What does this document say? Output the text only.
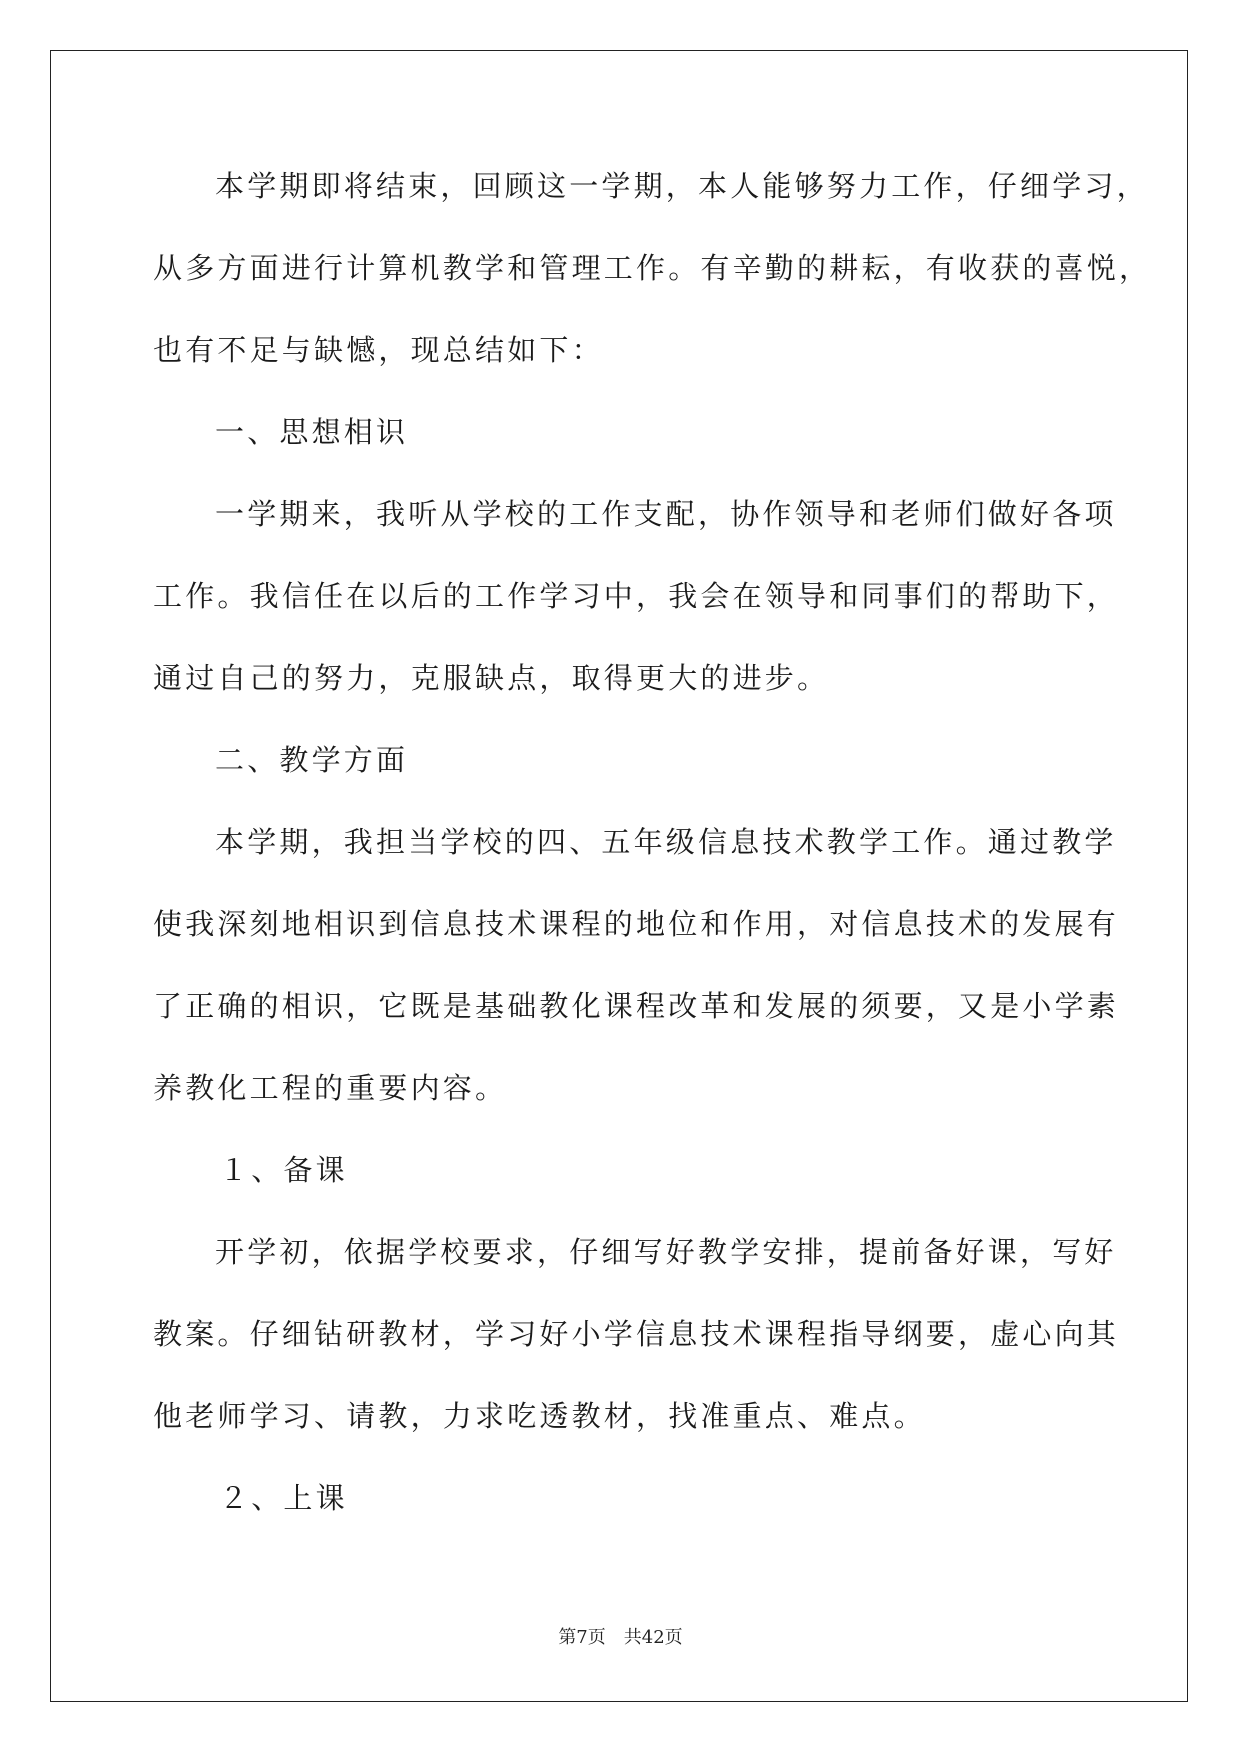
本学期即将结束，回顾这一学期，本人能够努力工作，仔细学习，
从多方面进行计算机教学和管理工作。有辛勤的耕耘，有收获的喜悦，
也有不足与缺憾，现总结如下：
一、思想相识
一学期来，我听从学校的工作支配，协作领导和老师们做好各项
工作。我信任在以后的工作学习中，我会在领导和同事们的帮助下，
通过自己的努力，克服缺点，取得更大的进步。
二、教学方面
本学期，我担当学校的四、五年级信息技术教学工作。通过教学
使我深刻地相识到信息技术课程的地位和作用，对信息技术的发展有
了正确的相识，它既是基础教化课程改革和发展的须要，又是小学素
养教化工程的重要内容。
１、备课
开学初，依据学校要求，仔细写好教学安排，提前备好课，写好
教案。仔细钻研教材，学习好小学信息技术课程指导纲要，虚心向其
他老师学习、请教，力求吃透教材，找准重点、难点。
２、上课
第7页 共42页
